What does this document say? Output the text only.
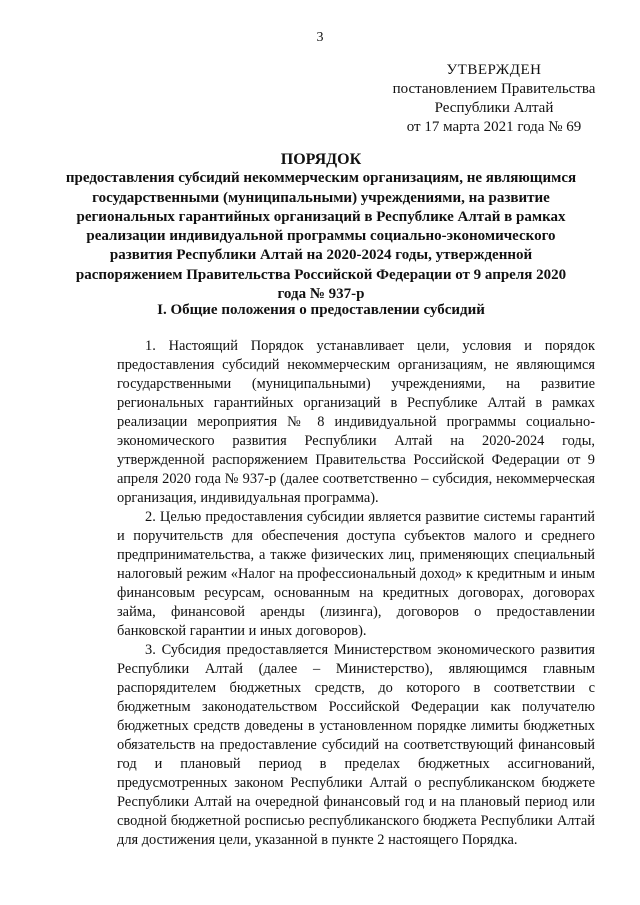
3
УТВЕРЖДЕН
постановлением Правительства
Республики Алтай
от 17 марта 2021 года № 69
ПОРЯДОК
предоставления субсидий некоммерческим организациям, не являющимся государственными (муниципальными) учреждениями, на развитие региональных гарантийных организаций в Республике Алтай в рамках реализации индивидуальной программы социально-экономического развития Республики Алтай на 2020-2024 годы, утвержденной распоряжением Правительства Российской Федерации от 9 апреля 2020 года № 937-р
I. Общие положения о предоставлении субсидий

1. Настоящий Порядок устанавливает цели, условия и порядок предоставления субсидий некоммерческим организациям, не являющимся государственными (муниципальными) учреждениями, на развитие региональных гарантийных организаций в Республике Алтай в рамках реализации мероприятия № 8 индивидуальной программы социально-экономического развития Республики Алтай на 2020-2024 годы, утвержденной распоряжением Правительства Российской Федерации от 9 апреля 2020 года № 937-р (далее соответственно – субсидия, некоммерческая организация, индивидуальная программа).

2. Целью предоставления субсидии является развитие системы гарантий и поручительств для обеспечения доступа субъектов малого и среднего предпринимательства, а также физических лиц, применяющих специальный налоговый режим «Налог на профессиональный доход» к кредитным и иным финансовым ресурсам, основанным на кредитных договорах, договорах займа, финансовой аренды (лизинга), договоров о предоставлении банковской гарантии и иных договоров).

3. Субсидия предоставляется Министерством экономического развития Республики Алтай (далее – Министерство), являющимся главным распорядителем бюджетных средств, до которого в соответствии с бюджетным законодательством Российской Федерации как получателю бюджетных средств доведены в установленном порядке лимиты бюджетных обязательств на предоставление субсидий на соответствующий финансовый год и плановый период в пределах бюджетных ассигнований, предусмотренных законом Республики Алтай о республиканском бюджете Республики Алтай на очередной финансовый год и на плановый период или сводной бюджетной росписью республиканского бюджета Республики Алтай для достижения цели, указанной в пункте 2 настоящего Порядка.
